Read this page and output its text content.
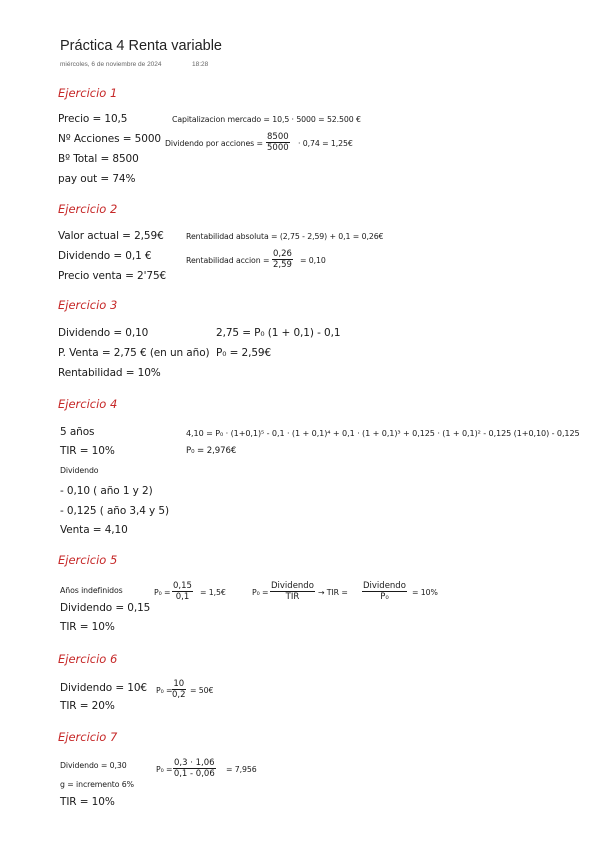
Práctica 4 Renta variable
miércoles, 6 de noviembre de 2024	18:28
Ejercicio 1
Precio = 10,5
Nº Acciones = 5000
Bº Total = 8500
pay out = 74%
Capitalizacion mercado = 10,5 · 5000 = 52.500 €
Dividendo por acciones = $\frac{8500}{5000} \cdot 0,74$ = 1,25€
Ejercicio 2
Valor actual = 2,59€
Dividendo = 0,1 €
Precio venta = 2'75€
Rentabilidad absoluta = (2,75 - 2,59) + 0,1 = 0,26€
Rentabilidad accion = $\frac{0,26}{2,59} = 0,10$
Ejercicio 3
Dividendo = 0,10
P. Venta = 2,75 € (en un año)
Rentabilidad = 10%
2,75 = P₀ (1 + 0,1) - 0,1
P₀ = 2,59€
Ejercicio 4
5 años
TIR = 10%
Dividendo
- 0,10 ( año 1 y 2)
- 0,125 ( año 3,4 y 5)
Venta = 4,10
4,10 = P₀ · (1+0,1)⁵ - 0,1 · (1 + 0,1)⁴ + 0,1 · (1 + 0,1)³ + 0,125 · (1 + 0,1)² - 0,125 (1+0,10) - 0,125
P₀ = 2,976€
Ejercicio 5
Años indefinidos
Dividendo = 0,15
TIR = 10%
$P_0 = \frac{0,15}{0,1}$ = 1,5€	P₀ =
Dividendo
TIR	→ TIR =
Dividendo
P₀	= 10%
Ejercicio 6
Dividendo = 10€
TIR = 20%
$P_0 = \frac{10}{0,2}$ = 50€
Ejercicio 7
Dividendo = 0,30
g = incremento 6%
TIR = 10%
$P_0 = \frac{0,3 \cdot 1,06}{0,1 - 0,06} = 7,956$
